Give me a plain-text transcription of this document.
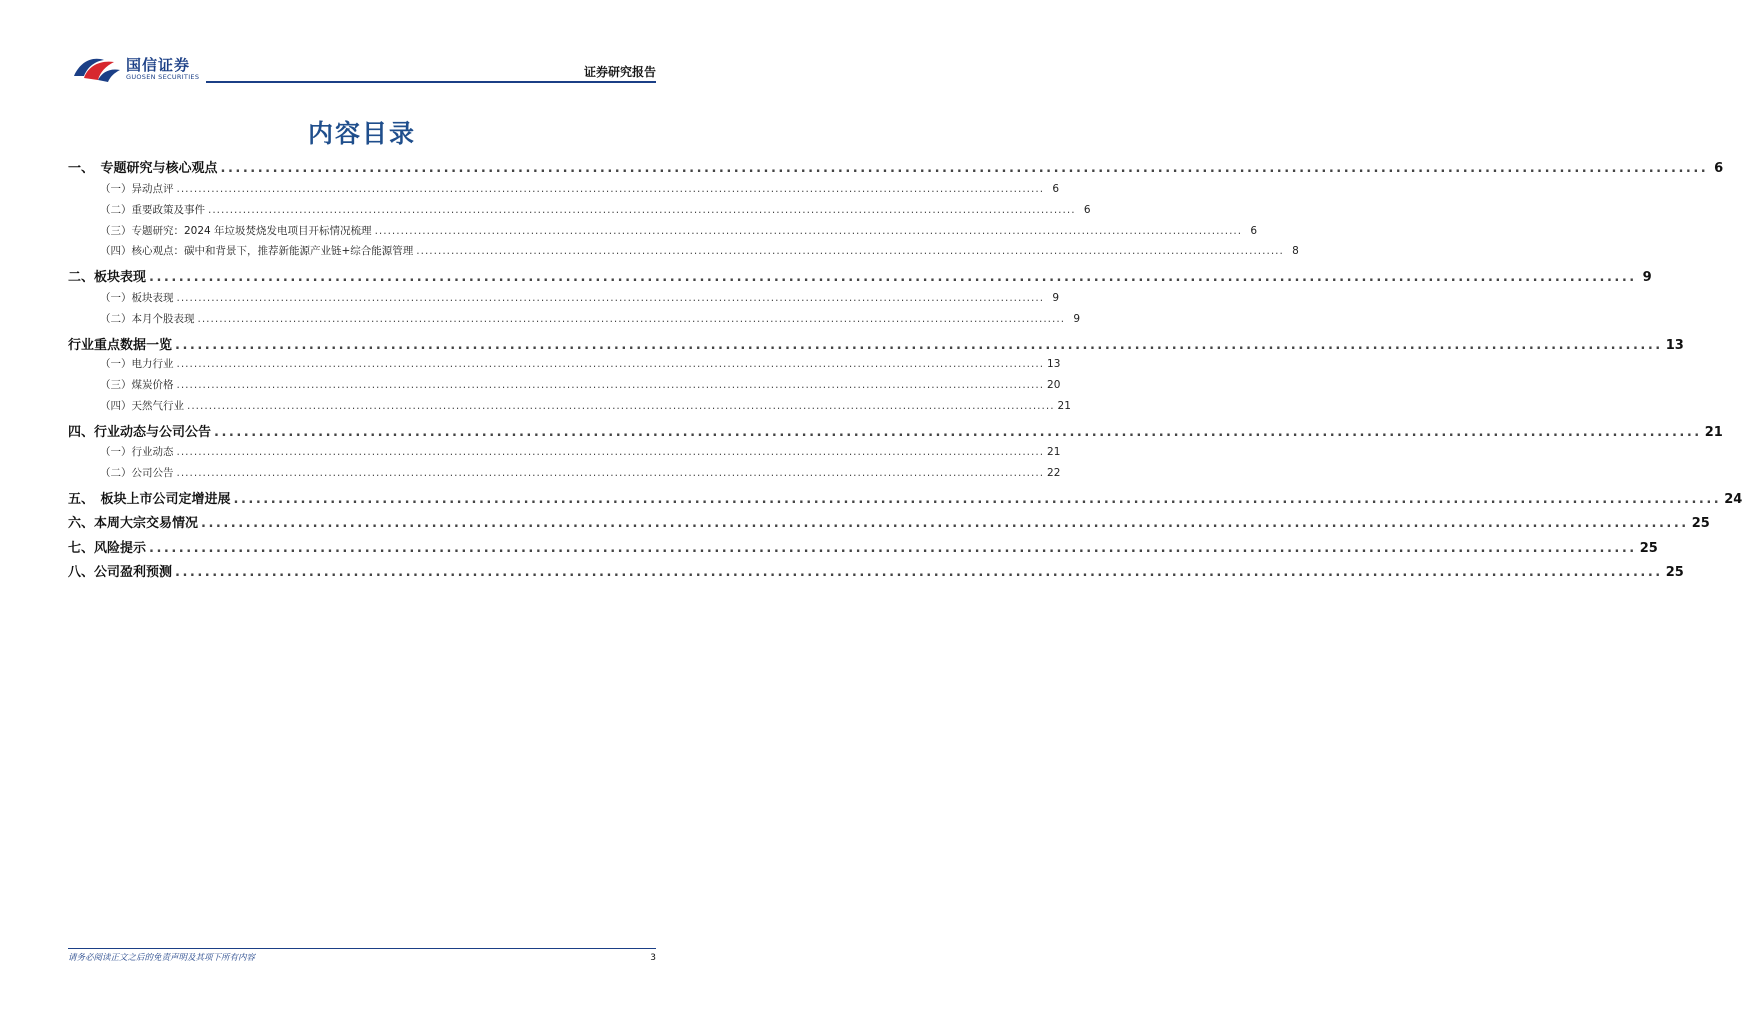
国信证券
GUOSEN SECURITIES	证券研究报告
内容目录
一、　专题研究与核心观点 ........................................................................................................................................................................................................ 6
（一）异动点评 ........................................................................................................................................................................................................ 6
（二）重要政策及事件 ........................................................................................................................................................................................................ 6
（三）专题研究：2024 年垃圾焚烧发电项目开标情况梳理 ........................................................................................................................................................................................................ 6
（四）核心观点：碳中和背景下，推荐新能源产业链+综合能源管理 ........................................................................................................................................................................................................ 8
二、板块表现 ........................................................................................................................................................................................................ 9
（一）板块表现 ........................................................................................................................................................................................................ 9
（二）本月个股表现 ........................................................................................................................................................................................................ 9
行业重点数据一览 ........................................................................................................................................................................................................ 13
（一）电力行业 ........................................................................................................................................................................................................ 13
（三）煤炭价格 ........................................................................................................................................................................................................ 20
（四）天然气行业 ........................................................................................................................................................................................................ 21
四、行业动态与公司公告 ........................................................................................................................................................................................................ 21
（一）行业动态 ........................................................................................................................................................................................................ 21
（二）公司公告 ........................................................................................................................................................................................................ 22
五、　板块上市公司定增进展 ........................................................................................................................................................................................................ 24
六、本周大宗交易情况 ........................................................................................................................................................................................................ 25
七、风险提示 ........................................................................................................................................................................................................ 25
八、公司盈利预测 ........................................................................................................................................................................................................ 25
请务必阅读正文之后的免责声明及其项下所有内容	3
